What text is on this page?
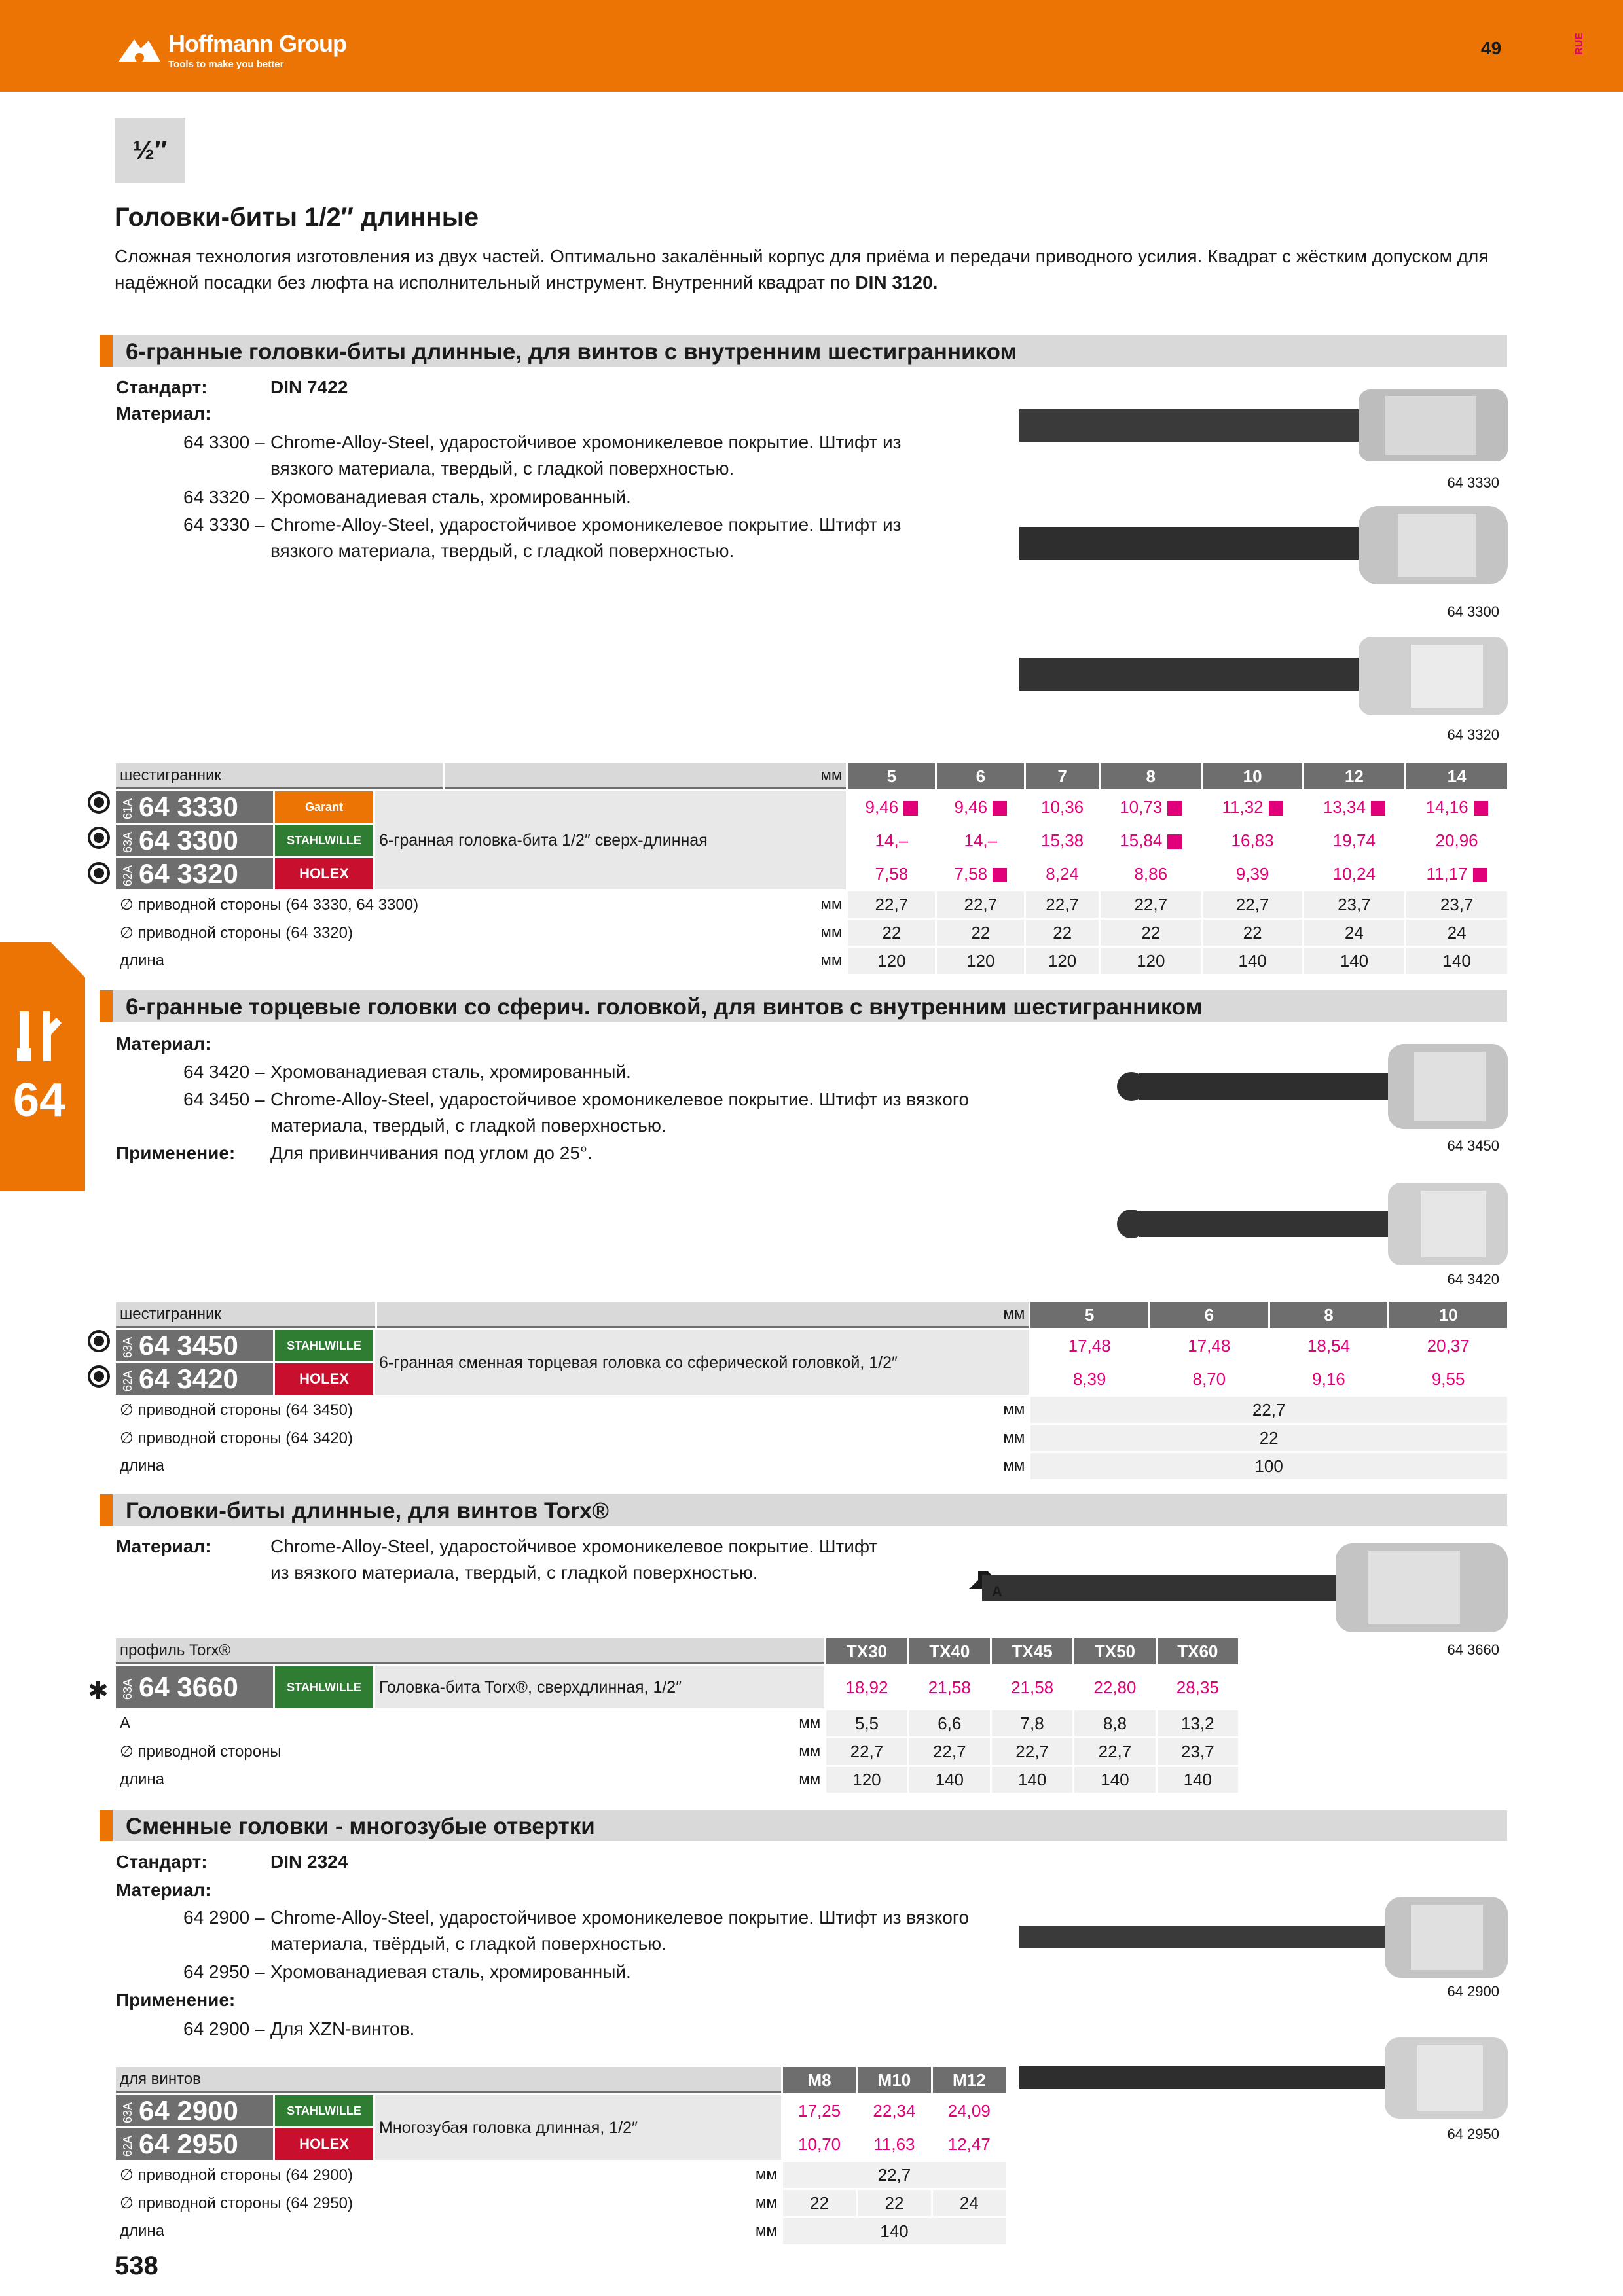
Hoffmann Group
Tools to make you better
49	RUE
64
½″
Головки-биты 1/2″ длинные
Сложная технология изготовления из двух частей. Оптимально закалённый корпус для приёма и передачи приводного усилия. Квадрат с жёстким допуском для надёжной посадки без люфта на исполнительный инструмент. Внутренний квадрат по DIN 3120.
6-гранные головки-биты длинные, для винтов с внутренним шестигранником
Стандарт:	DIN 7422
Материал:
64 3300 – Chrome-Alloy-Steel, ударостойчивое хромоникелевое покрытие. Штифт из
вязкого материала, твердый, с гладкой поверхностью.
64 3320 – Хромованадиевая сталь, хромированный.
64 3330 – Chrome-Alloy-Steel, ударостойчивое хромоникелевое покрытие. Штифт из
вязкого материала, твердый, с гладкой поверхностью.
64 3330
64 3300
64 3320
шестигранник			мм	5	6	7	8	10	12	14
61A 64 3330	Garant	6-гранная головка-бита 1/2″ сверх-длинная		9,46	9,46	10,36	10,73	11,32	13,34	14,16
63A 64 3300	STAHLWILLE			14,–	14,–	15,38	15,84	16,83	19,74	20,96
62A 64 3320	HOLEX			7,58	7,58	8,24	8,86	9,39	10,24	11,17
∅ приводной стороны (64 3330, 64 3300)			мм	22,7	22,7	22,7	22,7	22,7	23,7	23,7
∅ приводной стороны (64 3320)			мм	22	22	22	22	22	24	24
длина			мм	120	120	120	120	140	140	140
6-гранные торцевые головки со сферич. головкой, для винтов с внутренним шестигранником
Материал:
64 3420 – Хромованадиевая сталь, хромированный.
64 3450 – Chrome-Alloy-Steel, ударостойчивое хромоникелевое покрытие. Штифт из вязкого
материала, твердый, с гладкой поверхностью.
Применение: Для привинчивания под углом до 25°.	64 3450
64 3420
шестигранник			мм	5	6	8	10
63A 64 3450	STAHLWILLE	6-гранная сменная торцевая головка со сферической головкой, 1/2″		17,48	17,48	18,54	20,37
62A 64 3420	HOLEX			8,39	8,70	9,16	9,55
∅ приводной стороны (64 3450)			мм	22,7			
∅ приводной стороны (64 3420)			мм	22			
длина			мм	100			
Головки-биты длинные, для винтов Torx®
Материал:	Chrome-Alloy-Steel, ударостойчивое хромоникелевое покрытие. Штифт
из вязкого материала, твердый, с гладкой поверхностью.
A
64 3660
✱
профиль Torx®				TX30	TX40	TX45	TX50	TX60
63A 64 3660	STAHLWILLE	Головка-бита Torx®, сверхдлинная, 1/2″		18,92	21,58	21,58	22,80	28,35
A			мм	5,5	6,6	7,8	8,8	13,2
∅ приводной стороны			мм	22,7	22,7	22,7	22,7	23,7
длина			мм	120	140	140	140	140
Сменные головки - многозубые отвертки
Стандарт:	DIN 2324
Материал:
64 2900 – Chrome-Alloy-Steel, ударостойчивое хромоникелевое покрытие. Штифт из вязкого
материала, твёрдый, с гладкой поверхностью.
64 2950 – Хромованадиевая сталь, хромированный.
Применение:
64 2900 – Для XZN-винтов.
64 2900
64 2950
для винтов				M8	M10	M12
63A 64 2900	STAHLWILLE	Многозубая головка длинная, 1/2″		17,25	22,34	24,09
62A 64 2950	HOLEX			10,70	11,63	12,47
∅ приводной стороны (64 2900)			мм	22,7		
∅ приводной стороны (64 2950)			мм	22	22	24
длина			мм	140		
538
